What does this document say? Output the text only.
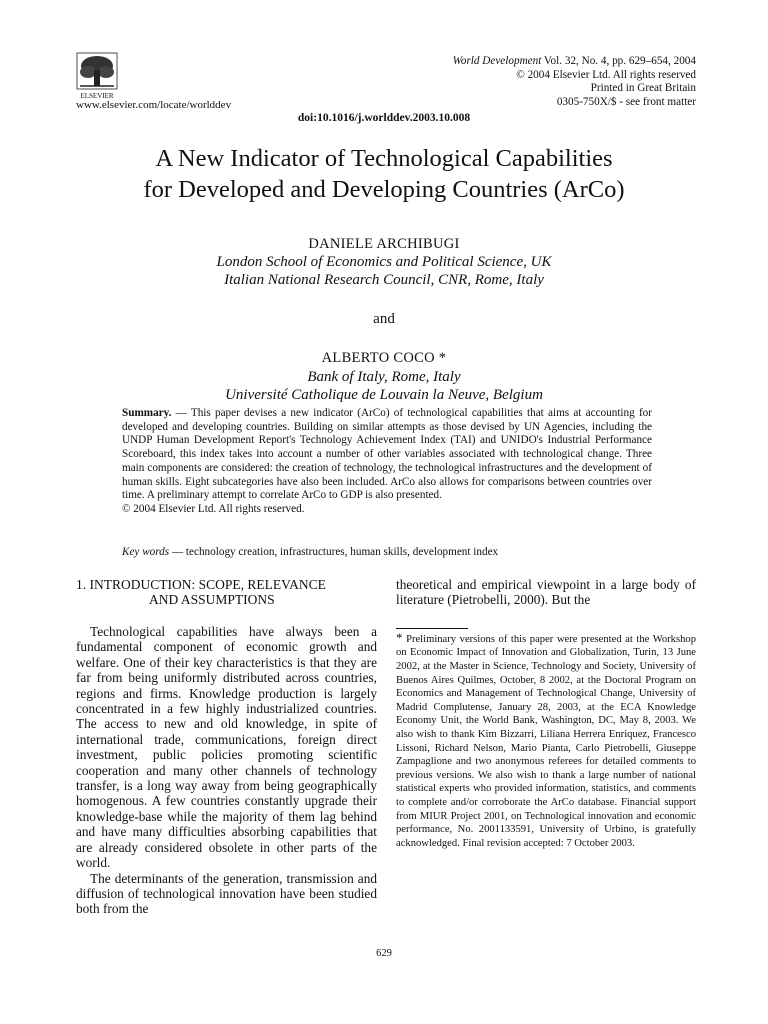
ELSEVIER
www.elsevier.com/locate/worlddev
World Development Vol. 32, No. 4, pp. 629–654, 2004
© 2004 Elsevier Ltd. All rights reserved
Printed in Great Britain
0305-750X/$ - see front matter
doi:10.1016/j.worlddev.2003.10.008
A New Indicator of Technological Capabilities
for Developed and Developing Countries (ArCo)
DANIELE ARCHIBUGI
London School of Economics and Political Science, UK
Italian National Research Council, CNR, Rome, Italy
and
ALBERTO COCO *
Bank of Italy, Rome, Italy
Université Catholique de Louvain la Neuve, Belgium
Summary. — This paper devises a new indicator (ArCo) of technological capabilities that aims at accounting for developed and developing countries. Building on similar attempts as those devised by UN Agencies, including the UNDP Human Development Report's Technology Achievement Index (TAI) and UNIDO's Industrial Performance Scoreboard, this index takes into account a number of other variables associated with technological change. Three main components are considered: the creation of technology, the technological infrastructures and the development of human skills. Eight subcategories have also been included. ArCo also allows for comparisons between countries over time. A preliminary attempt to correlate ArCo to GDP is also presented.
© 2004 Elsevier Ltd. All rights reserved.
Key words — technology creation, infrastructures, human skills, development index
1. INTRODUCTION: SCOPE, RELEVANCE
AND ASSUMPTIONS

Technological capabilities have always been a fundamental component of economic growth and welfare. One of their key characteristics is that they are far from being uniformly distributed across countries, regions and firms. Knowledge production is largely concentrated in a few highly industrialized countries. The access to new and old knowledge, in spite of international trade, communications, foreign direct investment, public policies promoting scientific cooperation and many other channels of technology transfer, is a long way away from being geographically homogenous. A few countries constantly upgrade their knowledge-base while the majority of them lag behind and have many difficulties absorbing capabilities that are already considered obsolete in other parts of the world.

The determinants of the generation, transmission and diffusion of technological innovation have been studied both from the

theoretical and empirical viewpoint in a large body of literature (Pietrobelli, 2000). But the

* Preliminary versions of this paper were presented at the Workshop on Economic Impact of Innovation and Globalization, Turin, 13 June 2002, at the Master in Science, Technology and Society, University of Buenos Aires Quilmes, October, 8 2002, at the Doctoral Program on Economics and Management of Technological Change, University of Madrid Complutense, January 28, 2003, at the ECA Knowledge Economy Unit, the World Bank, Washington, DC, May 8, 2003. We also wish to thank Kim Bizzarri, Liliana Herrera Enriquez, Francesco Lissoni, Richard Nelson, Mario Pianta, Carlo Pietrobelli, Giuseppe Zampaglione and two anonymous referees for detailed comments to previous versions. We also wish to thank a large number of national statistical experts who provided information, statistics, and comments to complete and/or corroborate the ArCo database. Financial support from MIUR Project 2001, on Technological innovation and economic performance, No. 2001133591, University of Urbino, is gratefully acknowledged. Final revision accepted: 7 October 2003.

629
